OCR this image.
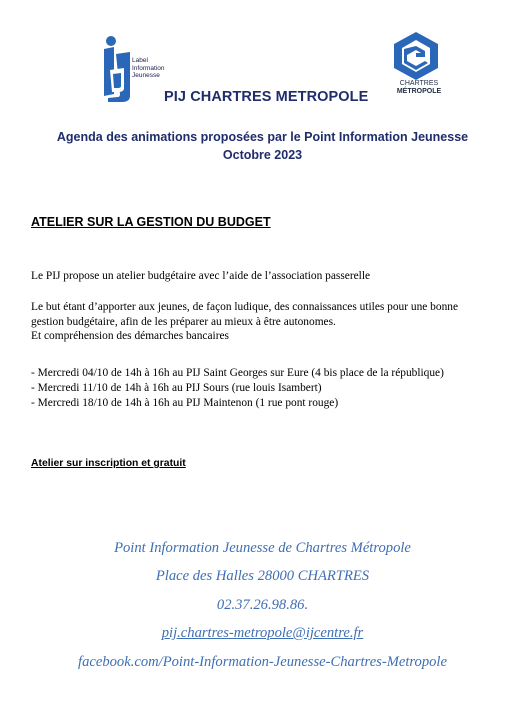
Label
Information
Jeunesse
CHARTRES
MÉTROPOLE
PIJ CHARTRES METROPOLE
Agenda des animations proposées par le Point Information Jeunesse
Octobre 2023
ATELIER SUR LA GESTION DU BUDGET
Le PIJ propose un atelier budgétaire avec l’aide de l’association passerelle
Le but étant d’apporter aux jeunes, de façon ludique, des connaissances utiles pour une bonne
gestion budgétaire, afin de les préparer au mieux à être autonomes.
Et compréhension des démarches bancaires
- Mercredi 04/10 de 14h à 16h au PIJ Saint Georges sur Eure (4 bis place de la république)
- Mercredi 11/10 de 14h à 16h au PIJ Sours (rue louis Isambert)
- Mercredi 18/10 de 14h à 16h au PIJ Maintenon (1 rue pont rouge)
Atelier sur inscription et gratuit
Point Information Jeunesse de Chartres Métropole
Place des Halles 28000 CHARTRES
02.37.26.98.86.
pij.chartres-metropole@ijcentre.fr
facebook.com/Point-Information-Jeunesse-Chartres-Metropole
